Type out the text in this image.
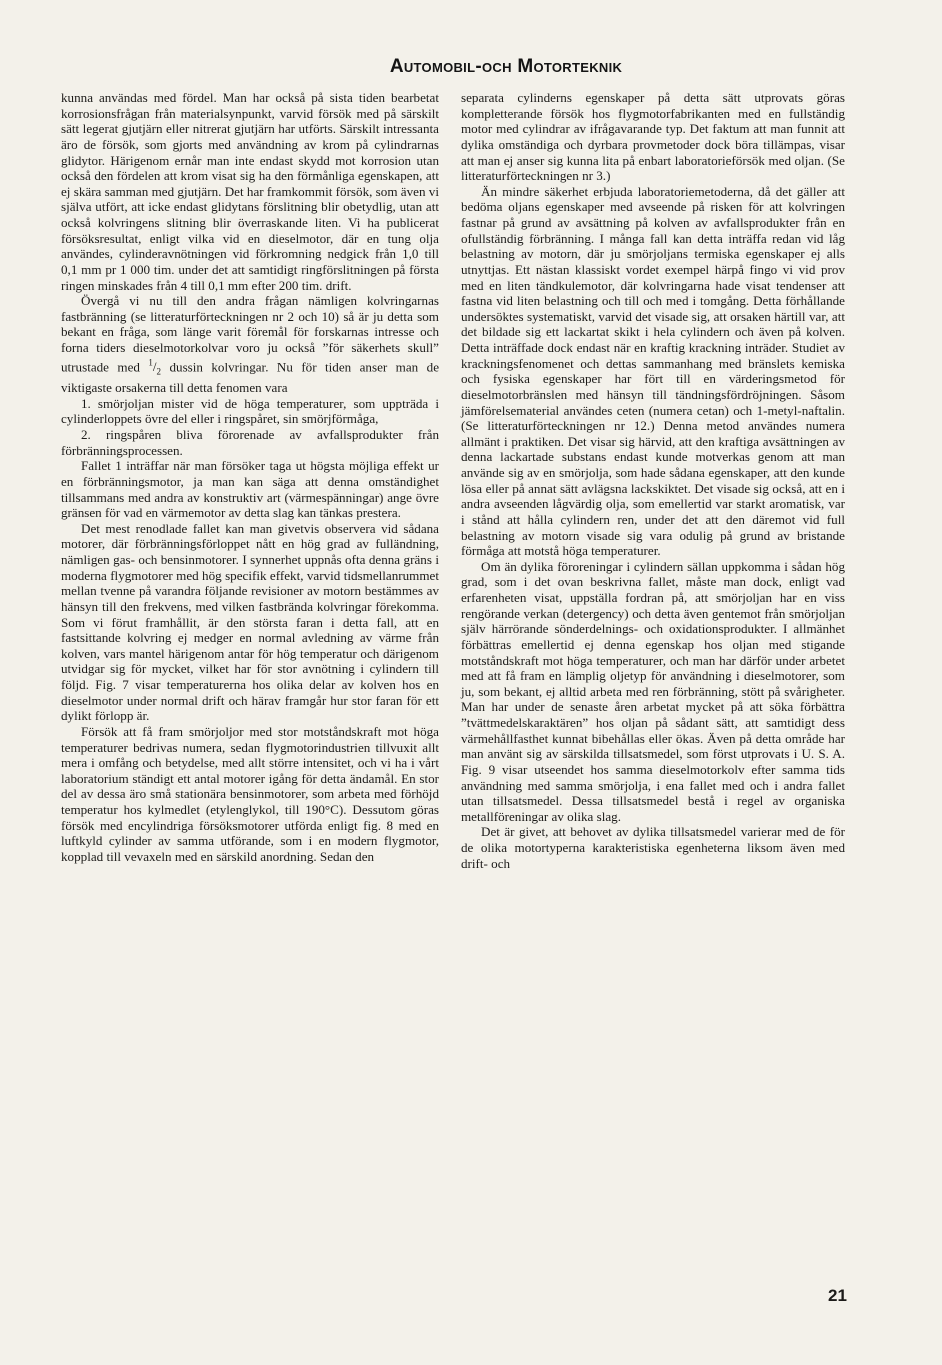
Automobil-och Motorteknik

kunna användas med fördel. Man har också på sista tiden bearbetat korrosionsfrågan från materialsynpunkt, varvid försök med på särskilt sätt legerat gjutjärn eller nitrerat gjutjärn har utförts. Särskilt intressanta äro de försök, som gjorts med användning av krom på cylindrarnas glidytor. Härigenom ernår man inte endast skydd mot korrosion utan också den fördelen att krom visat sig ha den förmånliga egenskapen, att ej skära samman med gjutjärn. Det har framkommit försök, som även vi själva utfört, att icke endast glidytans förslitning blir obetydlig, utan att också kolvringens slitning blir överraskande liten. Vi ha publicerat försöksresultat, enligt vilka vid en dieselmotor, där en tung olja användes, cylinderavnötningen vid förkromning nedgick från 1,0 till 0,1 mm pr 1 000 tim. under det att samtidigt ringförslitningen på första ringen minskades från 4 till 0,1 mm efter 200 tim. drift.

Övergå vi nu till den andra frågan nämligen kolvringarnas fastbränning (se litteraturförteckningen nr 2 och 10) så är ju detta som bekant en fråga, som länge varit föremål för forskarnas intresse och forna tiders dieselmotorkolvar voro ju också ”för säkerhets skull” utrustade med $^1/_2$ dussin kolvringar. Nu för tiden anser man de viktigaste orsakerna till detta fenomen vara

1. smörjoljan mister vid de höga temperaturer, som uppträda i cylinderloppets övre del eller i ringspåret, sin smörjförmåga,

2. ringspåren bliva förorenade av avfallsprodukter från förbränningsprocessen.

Fallet 1 inträffar när man försöker taga ut högsta möjliga effekt ur en förbränningsmotor, ja man kan säga att denna omständighet tillsammans med andra av konstruktiv art (värmespänningar) ange övre gränsen för vad en värmemotor av detta slag kan tänkas prestera.

Det mest renodlade fallet kan man givetvis observera vid sådana motorer, där förbränningsförloppet nått en hög grad av fulländning, nämligen gas- och bensinmotorer. I synnerhet uppnås ofta denna gräns i moderna flygmotorer med hög specifik effekt, varvid tidsmellanrummet mellan tvenne på varandra följande revisioner av motorn bestämmes av hänsyn till den frekvens, med vilken fastbrända kolvringar förekomma. Som vi förut framhållit, är den största faran i detta fall, att en fastsittande kolvring ej medger en normal avledning av värme från kolven, vars mantel härigenom antar för hög temperatur och därigenom utvidgar sig för mycket, vilket har för stor avnötning i cylindern till följd. Fig. 7 visar temperaturerna hos olika delar av kolven hos en dieselmotor under normal drift och härav framgår hur stor faran för ett dylikt förlopp är.

Försök att få fram smörjoljor med stor motståndskraft mot höga temperaturer bedrivas numera, sedan flygmotorindustrien tillvuxit allt mera i omfång och betydelse, med allt större intensitet, och vi ha i vårt laboratorium ständigt ett antal motorer igång för detta ändamål. En stor del av dessa äro små stationära bensinmotorer, som arbeta med förhöjd temperatur hos kylmedlet (etylenglykol, till 190°C). Dessutom göras försök med encylindriga försöksmotorer utförda enligt fig. 8 med en luftkyld cylinder av samma utförande, som i en modern flygmotor, kopplad till vevaxeln med en särskild anordning. Sedan den

separata cylinderns egenskaper på detta sätt utprovats göras kompletterande försök hos flygmotorfabrikanten med en fullständig motor med cylindrar av ifrågavarande typ. Det faktum att man funnit att dylika omständiga och dyrbara provmetoder dock böra tillämpas, visar att man ej anser sig kunna lita på enbart laboratorieförsök med oljan. (Se litteraturförteckningen nr 3.)

Än mindre säkerhet erbjuda laboratoriemetoderna, då det gäller att bedöma oljans egenskaper med avseende på risken för att kolvringen fastnar på grund av avsättning på kolven av avfallsprodukter från en ofullständig förbränning. I många fall kan detta inträffa redan vid låg belastning av motorn, där ju smörjoljans termiska egenskaper ej alls utnyttjas. Ett nästan klassiskt vordet exempel härpå fingo vi vid prov med en liten tändkulemotor, där kolvringarna hade visat tendenser att fastna vid liten belastning och till och med i tomgång. Detta förhållande undersöktes systematiskt, varvid det visade sig, att orsaken härtill var, att det bildade sig ett lackartat skikt i hela cylindern och även på kolven. Detta inträffade dock endast när en kraftig krackning inträder. Studiet av krackningsfenomenet och dettas sammanhang med bränslets kemiska och fysiska egenskaper har fört till en värderingsmetod för dieselmotorbränslen med hänsyn till tändningsfördröjningen. Såsom jämförelsematerial användes ceten (numera cetan) och 1-metyl-naftalin. (Se litteraturförteckningen nr 12.) Denna metod användes numera allmänt i praktiken. Det visar sig härvid, att den kraftiga avsättningen av denna lackartade substans endast kunde motverkas genom att man använde sig av en smörjolja, som hade sådana egenskaper, att den kunde lösa eller på annat sätt avlägsna lackskiktet. Det visade sig också, att en i andra avseenden lågvärdig olja, som emellertid var starkt aromatisk, var i stånd att hålla cylindern ren, under det att den däremot vid full belastning av motorn visade sig vara odulig på grund av bristande förmåga att motstå höga temperaturer.

Om än dylika föroreningar i cylindern sällan uppkomma i sådan hög grad, som i det ovan beskrivna fallet, måste man dock, enligt vad erfarenheten visat, uppställa fordran på, att smörjoljan har en viss rengörande verkan (detergency) och detta även gentemot från smörjoljan själv härrörande sönderdelnings- och oxidationsprodukter. I allmänhet förbättras emellertid ej denna egenskap hos oljan med stigande motståndskraft mot höga temperaturer, och man har därför under arbetet med att få fram en lämplig oljetyp för användning i dieselmotorer, som ju, som bekant, ej alltid arbeta med ren förbränning, stött på svårigheter. Man har under de senaste åren arbetat mycket på att söka förbättra ”tvättmedelskaraktären” hos oljan på sådant sätt, att samtidigt dess värmehållfasthet kunnat bibehållas eller ökas. Även på detta område har man använt sig av särskilda tillsatsmedel, som först utprovats i U. S. A. Fig. 9 visar utseendet hos samma dieselmotorkolv efter samma tids användning med samma smörjolja, i ena fallet med och i andra fallet utan tillsatsmedel. Dessa tillsatsmedel bestå i regel av organiska metallföreningar av olika slag.

Det är givet, att behovet av dylika tillsatsmedel varierar med de för de olika motortyperna karakteristiska egenheterna liksom även med drift- och

21
